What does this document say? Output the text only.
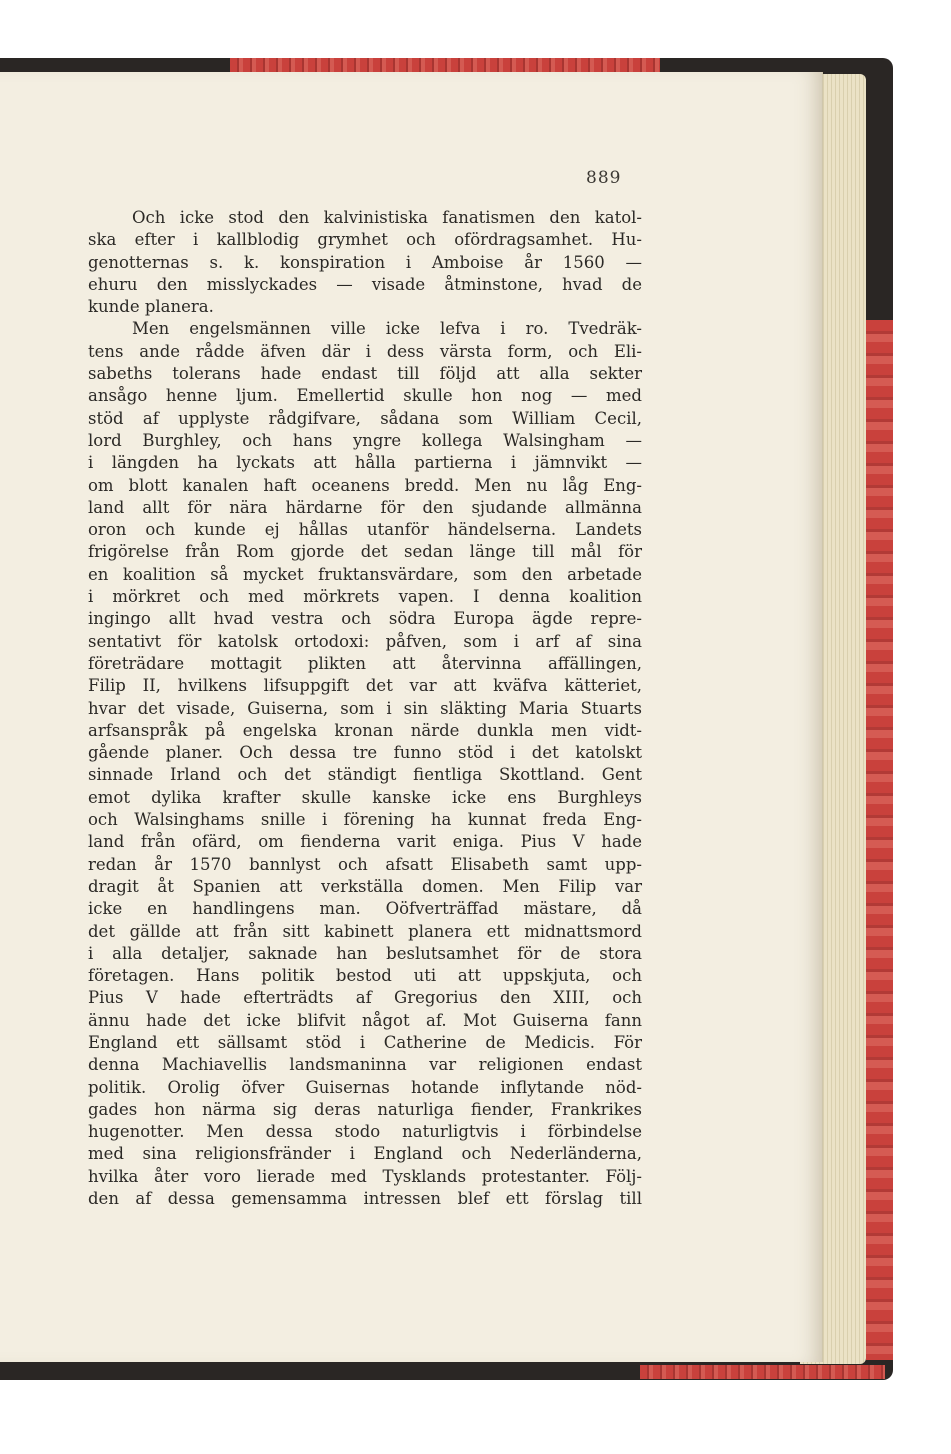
889
Och icke stod den kalvinistiska fanatismen den katol-
ska efter i kallblodig grymhet och ofördragsamhet. Hu-
genotternas s. k. konspiration i Amboise år 1560 —
ehuru den misslyckades — visade åtminstone, hvad de
kunde planera.
Men engelsmännen ville icke lefva i ro. Tvedräk-
tens ande rådde äfven där i dess värsta form, och Eli-
sabeths tolerans hade endast till följd att alla sekter
ansågo henne ljum. Emellertid skulle hon nog — med
stöd af upplyste rådgifvare, sådana som William Cecil,
lord Burghley, och hans yngre kollega Walsingham —
i längden ha lyckats att hålla partierna i jämnvikt —
om blott kanalen haft oceanens bredd. Men nu låg Eng-
land allt för nära härdarne för den sjudande allmänna
oron och kunde ej hållas utanför händelserna. Landets
frigörelse från Rom gjorde det sedan länge till mål för
en koalition så mycket fruktansvärdare, som den arbetade
i mörkret och med mörkrets vapen. I denna koalition
ingingo allt hvad vestra och södra Europa ägde repre-
sentativt för katolsk ortodoxi: påfven, som i arf af sina
företrädare mottagit plikten att återvinna affällingen,
Filip II, hvilkens lifsuppgift det var att kväfva kätteriet,
hvar det visade, Guiserna, som i sin släkting Maria Stuarts
arfsanspråk på engelska kronan närde dunkla men vidt-
gående planer. Och dessa tre funno stöd i det katolskt
sinnade Irland och det ständigt fientliga Skottland. Gent
emot dylika krafter skulle kanske icke ens Burghleys
och Walsinghams snille i förening ha kunnat freda Eng-
land från ofärd, om fienderna varit eniga. Pius V hade
redan år 1570 bannlyst och afsatt Elisabeth samt upp-
dragit åt Spanien att verkställa domen. Men Filip var
icke en handlingens man. Oöfverträffad mästare, då
det gällde att från sitt kabinett planera ett midnattsmord
i alla detaljer, saknade han beslutsamhet för de stora
företagen. Hans politik bestod uti att uppskjuta, och
Pius V hade efterträdts af Gregorius den XIII, och
ännu hade det icke blifvit något af. Mot Guiserna fann
England ett sällsamt stöd i Catherine de Medicis. För
denna Machiavellis landsmaninna var religionen endast
politik. Orolig öfver Guisernas hotande inflytande nöd-
gades hon närma sig deras naturliga fiender, Frankrikes
hugenotter. Men dessa stodo naturligtvis i förbindelse
med sina religionsfränder i England och Nederländerna,
hvilka åter voro lierade med Tysklands protestanter. Följ-
den af dessa gemensamma intressen blef ett förslag till
